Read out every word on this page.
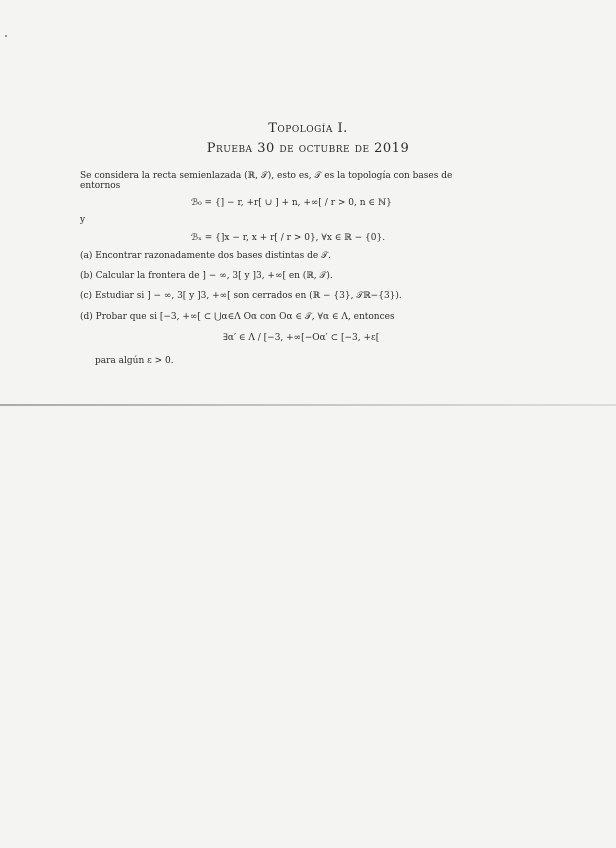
Topología I.
Prueba 30 de octubre de 2019
Se considera la recta semienlazada (ℝ, 𝒯), esto es, 𝒯 es la topología con bases de
entornos
ℬ₀ = {] − r, +r[ ∪ ] + n, +∞[ / r > 0, n ∈ ℕ}
y
ℬₓ = {]x − r, x + r[ / r > 0}, ∀x ∈ ℝ − {0}.
(a) Encontrar razonadamente dos bases distintas de 𝒯.
(b) Calcular la frontera de ] − ∞, 3[ y ]3, +∞[ en (ℝ, 𝒯).
(c) Estudiar si ] − ∞, 3[ y ]3, +∞[ son cerrados en (ℝ − {3}, 𝒯ℝ−{3}).
(d) Probar que si [−3, +∞[ ⊂ ⋃α∈Λ Oα con Oα ∈ 𝒯, ∀α ∈ Λ, entonces
∃α′ ∈ Λ / [−3, +∞[−Oα′ ⊂ [−3, +ε[
para algún ε > 0.
